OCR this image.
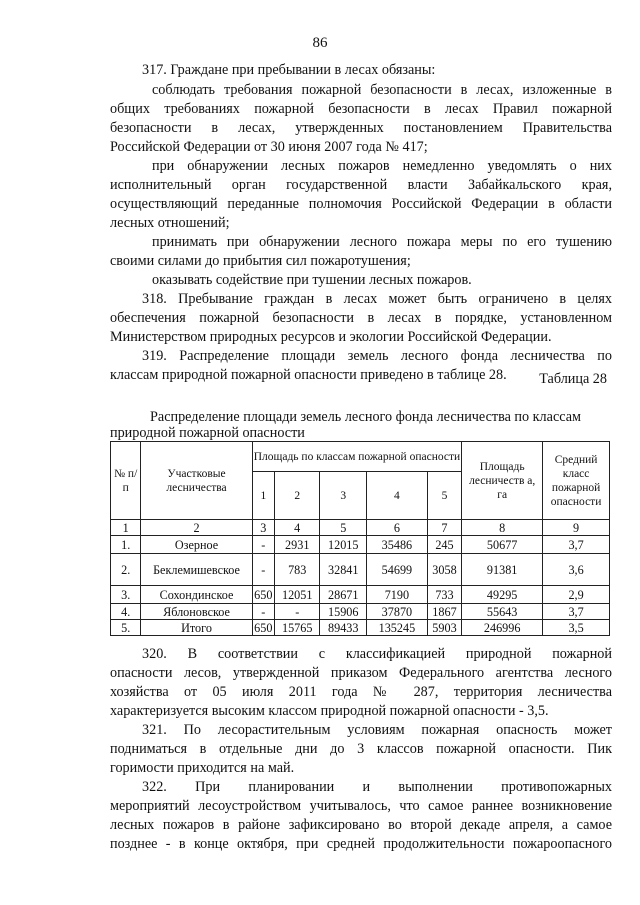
86
317. Граждане при пребывании в лесах обязаны:
соблюдать требования пожарной безопасности в лесах, изложенные в
общих требованиях пожарной безопасности в лесах Правил пожарной
безопасности в лесах, утвержденных постановлением Правительства
Российской Федерации от 30 июня 2007 года № 417;
при обнаружении лесных пожаров немедленно уведомлять о них
исполнительный орган государственной власти Забайкальского края,
осуществляющий переданные полномочия Российской Федерации в области
лесных отношений;
принимать при обнаружении лесного пожара меры по его тушению
своими силами до прибытия сил пожаротушения;
оказывать содействие при тушении лесных пожаров.
318. Пребывание граждан в лесах может быть ограничено в целях
обеспечения пожарной безопасности в лесах в порядке, установленном
Министерством природных ресурсов и экологии Российской Федерации.
319. Распределение площади земель лесного фонда лесничества по
классам природной пожарной опасности приведено в таблице 28.	Таблица 28
Распределение площади земель лесного фонда лесничества по классам
природной пожарной опасности
№ п/п	Участковые лесничества	Площадь по классам пожарной опасности					Площадь лесничеств а, га	Средний класс пожарной опасности
		1	2	3	4	5		
1	2	3	4	5	6	7	8	9
1.	Озерное	-	2931	12015	35486	245	50677	3,7
2.	Беклемишевское	-	783	32841	54699	3058	91381	3,6
3.	Сохондинское	650	12051	28671	7190	733	49295	2,9
4.	Яблоновское	-	-	15906	37870	1867	55643	3,7
5.	Итого	650	15765	89433	135245	5903	246996	3,5
320. В соответствии с классификацией природной пожарной
опасности лесов, утвержденной приказом Федерального агентства лесного
хозяйства от 05 июля 2011 года № 287, территория лесничества
характеризуется высоким классом природной пожарной опасности - 3,5.
321. По лесорастительным условиям пожарная опасность может
подниматься в отдельные дни до 3 классов пожарной опасности. Пик
горимости приходится на май.
322. При планировании и выполнении противопожарных
мероприятий лесоустройством учитывалось, что самое раннее возникновение
лесных пожаров в районе зафиксировано во второй декаде апреля, а самое
позднее - в конце октября, при средней продолжительности пожароопасного
